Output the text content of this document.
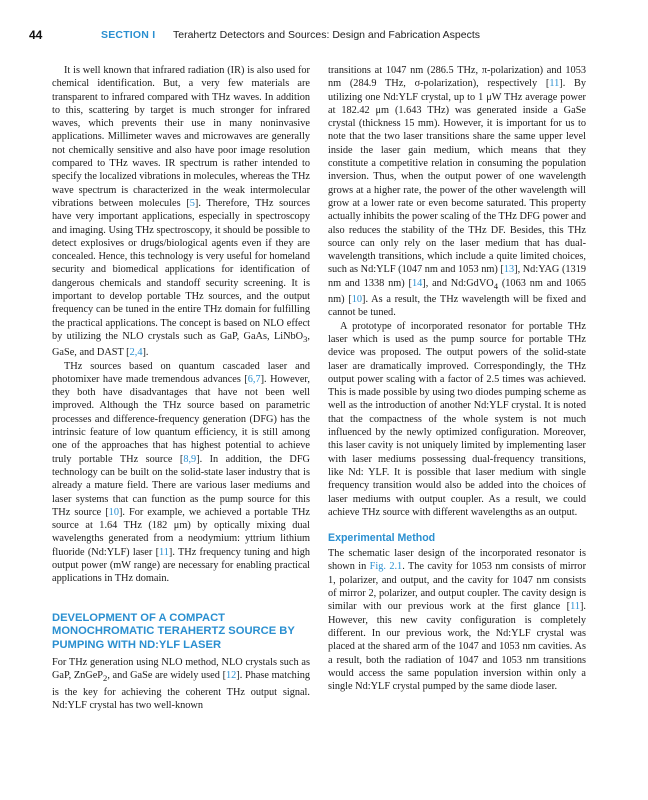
44	SECTION I Terahertz Detectors and Sources: Design and Fabrication Aspects

It is well known that infrared radiation (IR) is also used for chemical identification. But, a very few materials are transparent to infrared compared with THz waves. In addition to this, scattering by target is much stronger for infrared waves, which prevents their use in many noninvasive applications. Millimeter waves and microwaves are generally not chemically sensitive and also have poor image resolution compared to THz waves. IR spectrum is rather intended to specify the localized vibrations in molecules, whereas the THz wave spectrum is characterized in the weak intermolecular vibrations between molecules [5]. Therefore, THz sources have very important applications, especially in spectroscopy and imaging. Using THz spectroscopy, it should be possible to detect explosives or drugs/biological agents even if they are concealed. Hence, this technology is very useful for homeland security and biomedical applications for identification of dangerous chemicals and standoff security screening. It is important to develop portable THz sources, and the output frequency can be tuned in the entire THz domain for fulfilling the practical applications. The concept is based on NLO effect by utilizing the NLO crystals such as GaP, GaAs, LiNbO$_3$, GaSe, and DAST [2,4].

THz sources based on quantum cascaded laser and photomixer have made tremendous advances [6,7]. However, they both have disadvantages that have not been well improved. Although the THz source based on parametric processes and difference-frequency generation (DFG) has the intrinsic feature of low quantum efficiency, it is still among one of the approaches that has highest potential to achieve truly portable THz source [8,9]. In addition, the DFG technology can be built on the solid-state laser industry that is already a mature field. There are various laser mediums and laser systems that can function as the pump source for this THz source [10]. For example, we achieved a portable THz source at 1.64 THz (182 μm) by optically mixing dual wavelengths generated from a neodymium: yttrium lithium fluoride (Nd:YLF) laser [11]. THz frequency tuning and high output power (mW range) are necessary for enabling practical applications in THz domain.

DEVELOPMENT OF A COMPACT MONOCHROMATIC TERAHERTZ SOURCE BY PUMPING WITH ND:YLF LASER

For THz generation using NLO method, NLO crystals such as GaP, ZnGeP$_2$, and GaSe are widely used [12]. Phase matching is the key for achieving the coherent THz output signal. Nd:YLF crystal has two well-known

transitions at 1047 nm (286.5 THz, π-polarization) and 1053 nm (284.9 THz, σ-polarization), respectively [11]. By utilizing one Nd:YLF crystal, up to 1 μW THz average power at 182.42 μm (1.643 THz) was generated inside a GaSe crystal (thickness 15 mm). However, it is important for us to note that the two laser transitions share the same upper level inside the laser gain medium, which means that they constitute a competitive relation in consuming the population inversion. Thus, when the output power of one wavelength grows at a higher rate, the power of the other wavelength will grow at a lower rate or even become saturated. This property actually inhibits the power scaling of the THz DFG power and also reduces the stability of the THz DF. Besides, this THz source can only rely on the laser medium that has dual-wavelength transitions, which include a quite limited choices, such as Nd:YLF (1047 nm and 1053 nm) [13], Nd:YAG (1319 nm and 1338 nm) [14], and Nd:GdVO$_4$ (1063 nm and 1065 nm) [10]. As a result, the THz wavelength will be fixed and cannot be tuned.

A prototype of incorporated resonator for portable THz laser which is used as the pump source for portable THz device was proposed. The output powers of the solid-state laser are dramatically improved. Correspondingly, the THz output power scaling with a factor of 2.5 times was achieved. This is made possible by using two diodes pumping scheme as well as the introduction of another Nd:YLF crystal. It is noted that the compactness of the whole system is not much influenced by the newly optimized configuration. Moreover, this laser cavity is not uniquely limited by implementing laser with laser mediums possessing dual-frequency transitions, like Nd: YLF. It is possible that laser medium with single frequency transition would also be added into the choices of laser mediums with output coupler. As a result, we could achieve THz source with different wavelengths as an output.

Experimental Method

The schematic laser design of the incorporated resonator is shown in Fig. 2.1. The cavity for 1053 nm consists of mirror 1, polarizer, and output, and the cavity for 1047 nm consists of mirror 2, polarizer, and output coupler. The cavity design is similar with our previous work at the first glance [11]. However, this new cavity configuration is completely different. In our previous work, the Nd:YLF crystal was placed at the shared arm of the 1047 and 1053 nm cavities. As a result, both the radiation of 1047 and 1053 nm transitions would access the same population inversion within only a single Nd:YLF crystal pumped by the same diode laser.
